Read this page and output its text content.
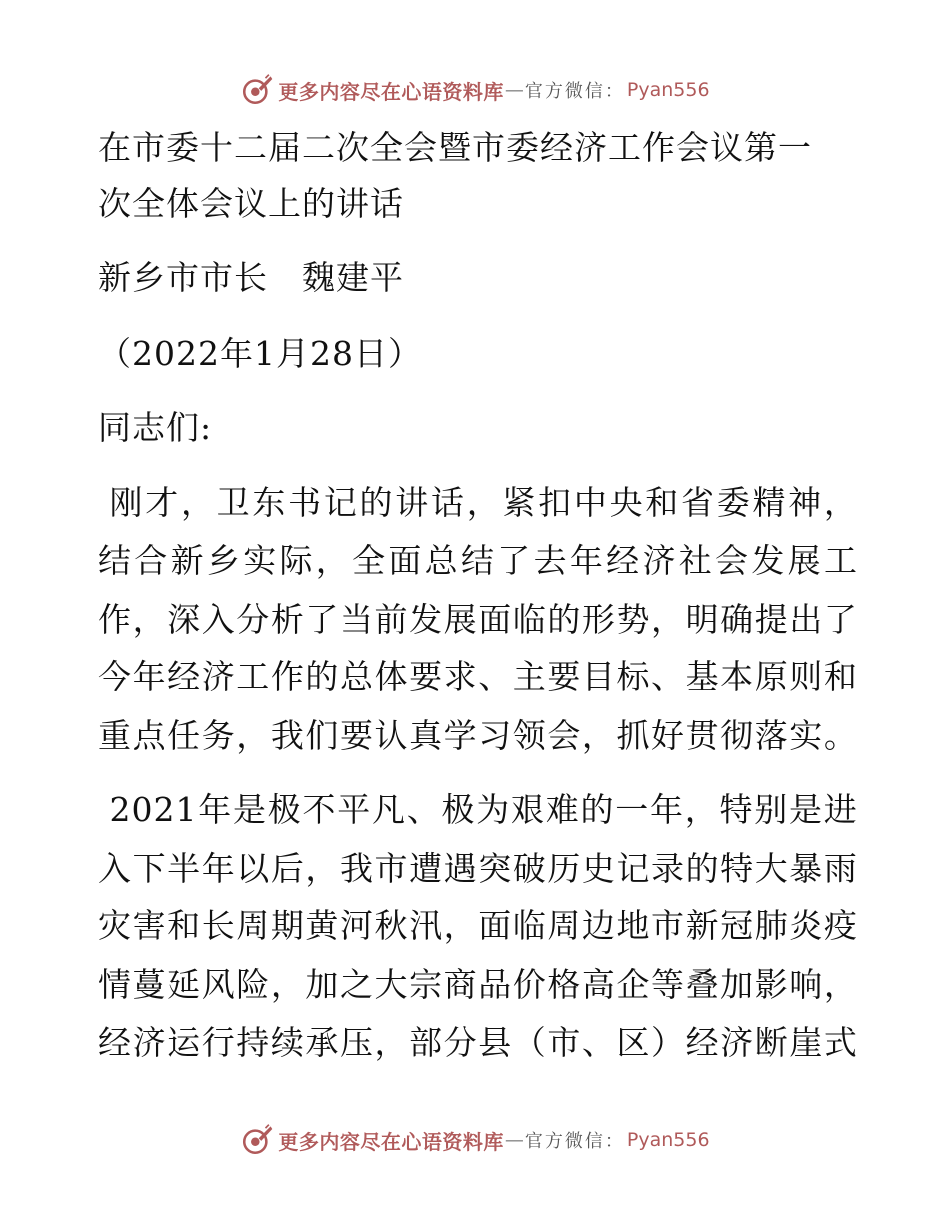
更多内容尽在心语资料库 — 官方微信： Pyan556
在市委十二届二次全会暨市委经济工作会议第一
次全体会议上的讲话
新乡市市长　魏建平
（2022年1月28日）
同志们:
刚 才 ， 卫 东 书 记 的 讲 话 ， 紧 扣 中 央 和 省 委 精 神 ，
结 合 新 乡 实 际 ， 全 面 总 结 了 去 年 经 济 社 会 发 展 工
作 ， 深 入 分 析 了 当 前 发 展 面 临 的 形 势 ， 明 确 提 出 了
今 年 经 济 工 作 的 总 体 要 求 、 主 要 目 标 、 基 本 原 则 和
重 点 任 务 ， 我 们 要 认 真 学 习 领 会 ， 抓 好 贯 彻 落 实 。
2021 年 是 极 不 平 凡 、 极 为 艰 难 的 一 年 ， 特 别 是 进
入 下 半 年 以 后 ， 我 市 遭 遇 突 破 历 史 记 录 的 特 大 暴 雨
灾 害 和 长 周 期 黄 河 秋 汛 ， 面 临 周 边 地 市 新 冠 肺 炎 疫
情 蔓 延 风 险 ， 加 之 大 宗 商 品 价 格 高 企 等 叠 加 影 响 ，
经 济 运 行 持 续 承 压 ， 部 分 县 （ 市 、 区 ） 经 济 断 崖 式
更多内容尽在心语资料库 — 官方微信： Pyan556
